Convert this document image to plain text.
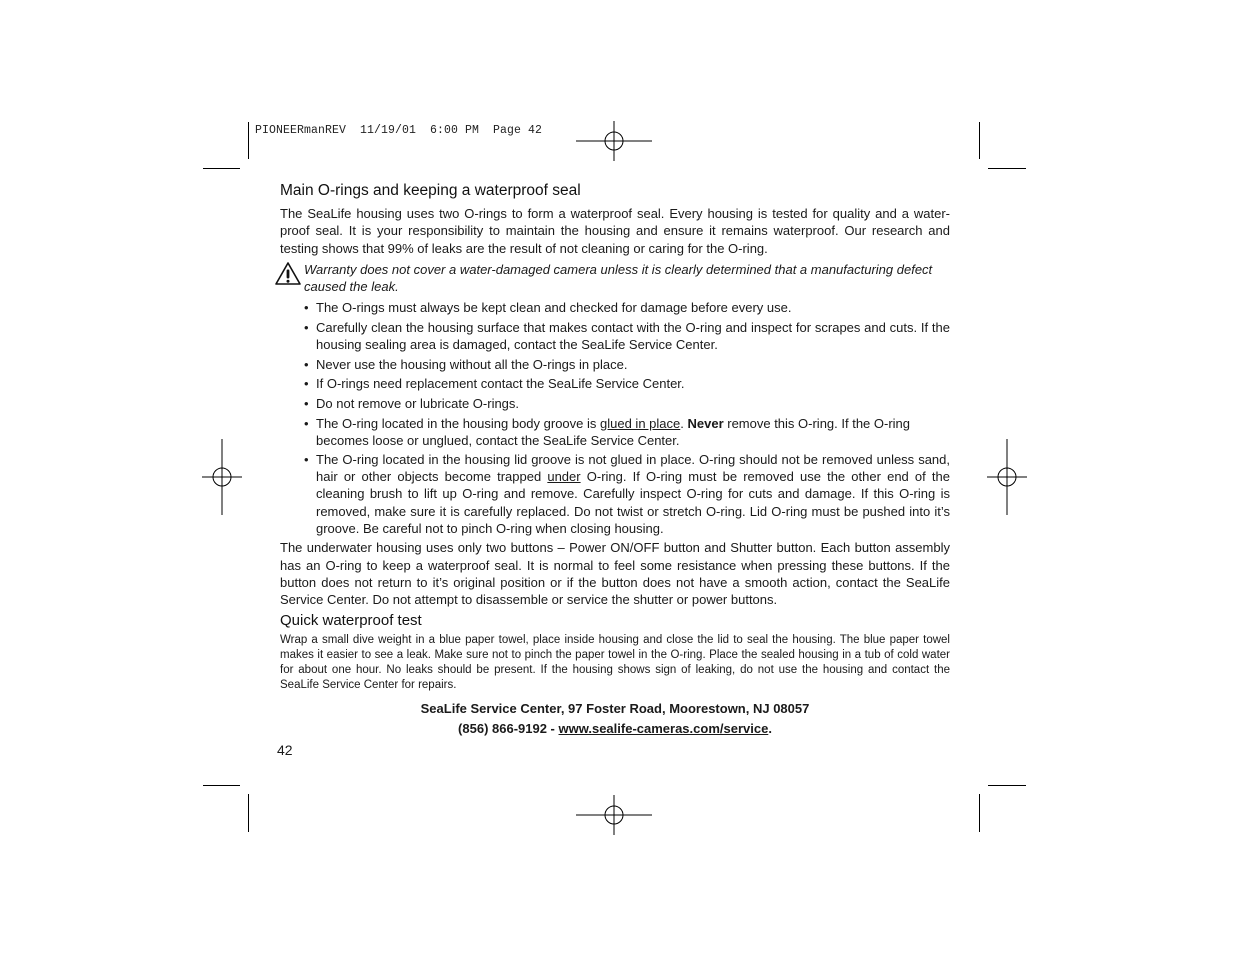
PIONEERmanREV  11/19/01  6:00 PM  Page 42
Main O-rings and keeping a waterproof seal

The SeaLife housing uses two O-rings to form a waterproof seal. Every housing is tested for quality and a water-proof seal. It is your responsibility to maintain the housing and ensure it remains waterproof. Our research and testing shows that 99% of leaks are the result of not cleaning or caring for the O-ring.

Warranty does not cover a water-damaged camera unless it is clearly determined that a manufacturing defect caused the leak.

• The O-rings must always be kept clean and checked for damage before every use.
• Carefully clean the housing surface that makes contact with the O-ring and inspect for scrapes and cuts. If the housing sealing area is damaged, contact the SeaLife Service Center.
• Never use the housing without all the O-rings in place.
• If O-rings need replacement contact the SeaLife Service Center.
• Do not remove or lubricate O-rings.
• The O-ring located in the housing body groove is glued in place. Never remove this O-ring. If the O-ring becomes loose or unglued, contact the SeaLife Service Center.
• The O-ring located in the housing lid groove is not glued in place. O-ring should not be removed unless sand, hair or other objects become trapped under O-ring. If O-ring must be removed use the other end of the cleaning brush to lift up O-ring and remove. Carefully inspect O-ring for cuts and damage. If this O-ring is removed, make sure it is carefully replaced. Do not twist or stretch O-ring. Lid O-ring must be pushed into it’s groove. Be careful not to pinch O-ring when closing housing.

The underwater housing uses only two buttons – Power ON/OFF button and Shutter button. Each button assembly has an O-ring to keep a waterproof seal. It is normal to feel some resistance when pressing these buttons. If the button does not return to it’s original position or if the button does not have a smooth action, contact the SeaLife Service Center. Do not attempt to disassemble or service the shutter or power buttons.

Quick waterproof test

Wrap a small dive weight in a blue paper towel, place inside housing and close the lid to seal the housing. The blue paper towel makes it easier to see a leak. Make sure not to pinch the paper towel in the O-ring. Place the sealed housing in a tub of cold water for about one hour. No leaks should be present. If the housing shows sign of leaking, do not use the housing and contact the SeaLife Service Center for repairs.

SeaLife Service Center, 97 Foster Road, Moorestown, NJ 08057
(856) 866-9192 - www.sealife-cameras.com/service.
42
